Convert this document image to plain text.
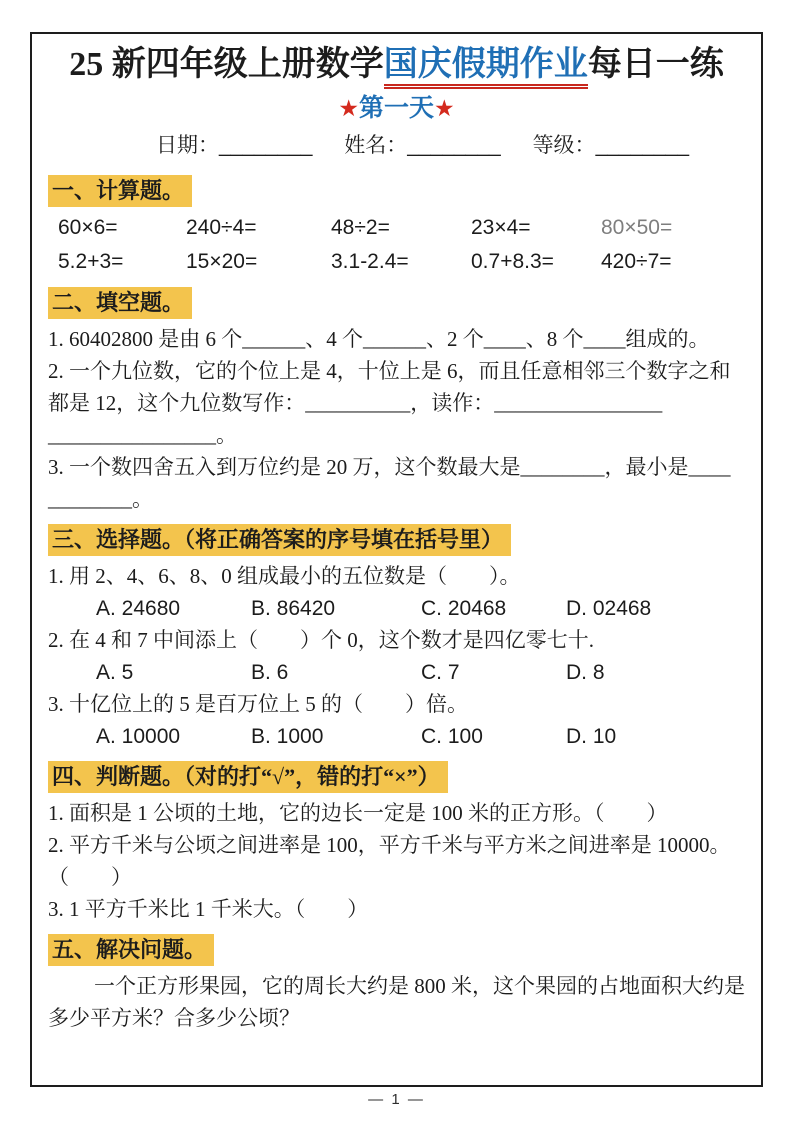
25 新四年级上册数学国庆假期作业每日一练
★第一天★
日期：________ 姓名：________ 等级：________
一、计算题。
60×6=	240÷4=	48÷2=	23×4=	80×50=
5.2+3=	15×20=	3.1-2.4=	0.7+8.3=	420÷7=
二、填空题。

1. 60402800 是由 6 个______、4 个______、2 个____、8 个____组成的。

2. 一个九位数，它的个位上是 4，十位上是 6，而且任意相邻三个数字之和

都是 12，这个九位数写作：__________，读作：________________

________________。

3. 一个数四舍五入到万位约是 20 万，这个数最大是________，最小是____

________。

三、选择题。（将正确答案的序号填在括号里）

1. 用 2、4、6、8、0 组成最小的五位数是（　　）。

A. 24680	B. 86420	C. 20468	D. 02468

2. 在 4 和 7 中间添上（　　）个 0，这个数才是四亿零七十.

A. 5	B. 6	C. 7	D. 8

3. 十亿位上的 5 是百万位上 5 的（　　）倍。

A. 10000	B. 1000	C. 100	D. 10
四、判断题。（对的打“√”，错的打“×”）

1. 面积是 1 公顷的土地，它的边长一定是 100 米的正方形。（　　）

2. 平方千米与公顷之间进率是 100，平方千米与平方米之间进率是 10000。

（　　）

3. 1 平方千米比 1 千米大。（　　）

五、解决问题。

一个正方形果园，它的周长大约是 800 米，这个果园的占地面积大约是

多少平方米？合多少公顷？

— 1 —
